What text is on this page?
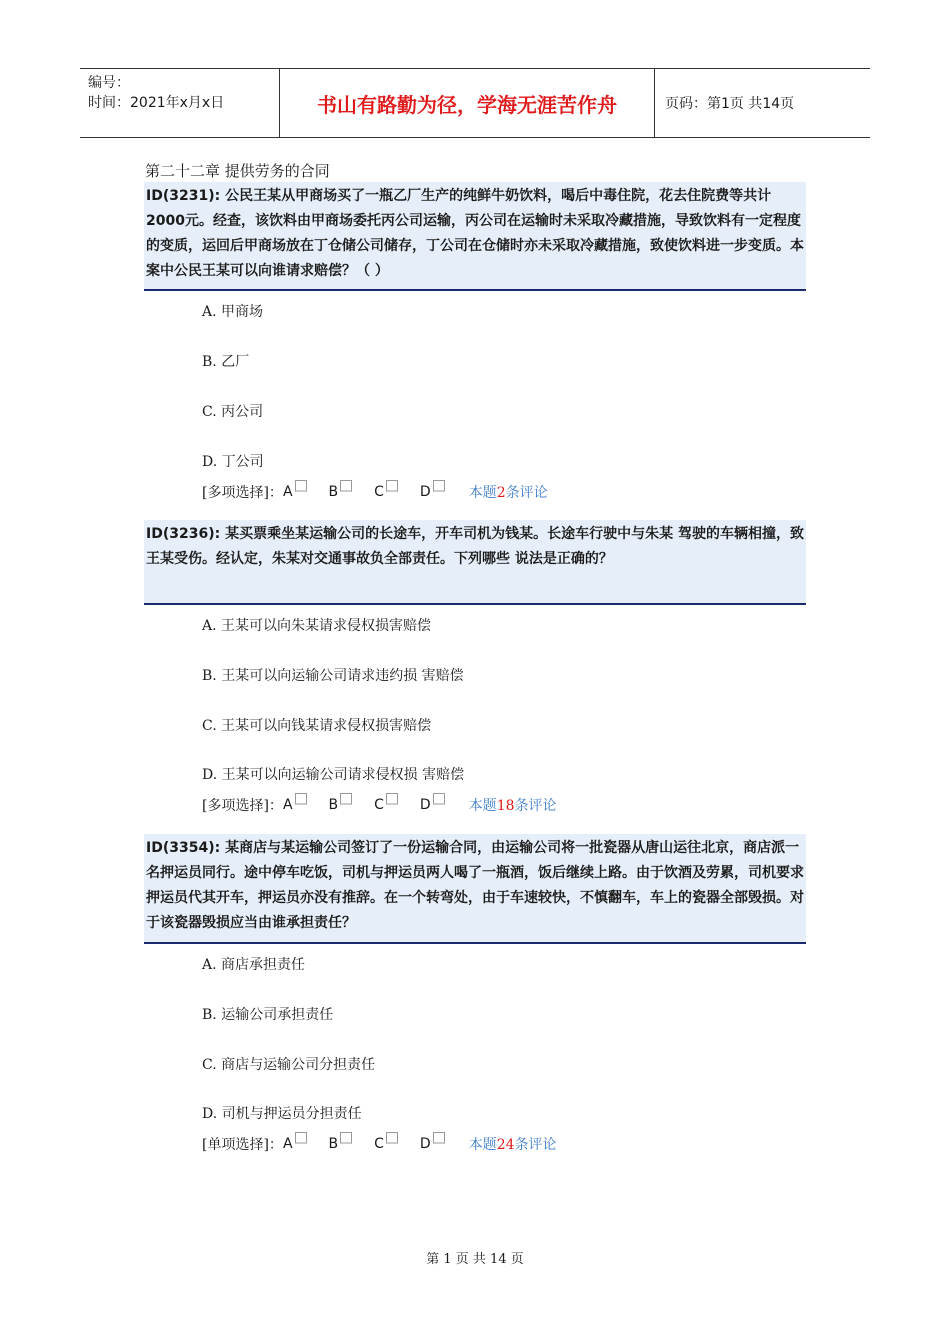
编号：
时间：2021年x月x日	书山有路勤为径，学海无涯苦作舟	页码：第1页 共14页
第二十二章 提供劳务的合同
ID(3231): 公民王某从甲商场买了一瓶乙厂生产的纯鲜牛奶饮料，喝后中毒住院，花去住院费等共计2000元。经查，该饮料由甲商场委托丙公司运输，丙公司在运输时未采取冷藏措施，导致饮料有一定程度的变质，运回后甲商场放在丁仓储公司储存，丁公司在仓储时亦未采取冷藏措施，致使饮料进一步变质。本案中公民王某可以向谁请求赔偿？（ ）
A. 甲商场
B. 乙厂
C. 丙公司
D. 丁公司
[多项选择]： A	B	C	D	本题2条评论
ID(3236): 某买票乘坐某运输公司的长途车，开车司机为钱某。长途车行驶中与朱某 驾驶的车辆相撞，致王某受伤。经认定，朱某对交通事故负全部责任。下列哪些 说法是正确的？
A. 王某可以向朱某请求侵权损害赔偿
B. 王某可以向运输公司请求违约损 害赔偿
C. 王某可以向钱某请求侵权损害赔偿
D. 王某可以向运输公司请求侵权损 害赔偿
[多项选择]： A	B	C	D	本题18条评论
ID(3354): 某商店与某运输公司签订了一份运输合同，由运输公司将一批瓷器从唐山运往北京，商店派一名押运员同行。途中停车吃饭，司机与押运员两人喝了一瓶酒，饭后继续上路。由于饮酒及劳累，司机要求押运员代其开车，押运员亦没有推辞。在一个转弯处，由于车速较快，不慎翻车，车上的瓷器全部毁损。对于该瓷器毁损应当由谁承担责任？
A. 商店承担责任
B. 运输公司承担责任
C. 商店与运输公司分担责任
D. 司机与押运员分担责任
[单项选择]： A	B	C	D	本题24条评论
第 1 页 共 14 页
